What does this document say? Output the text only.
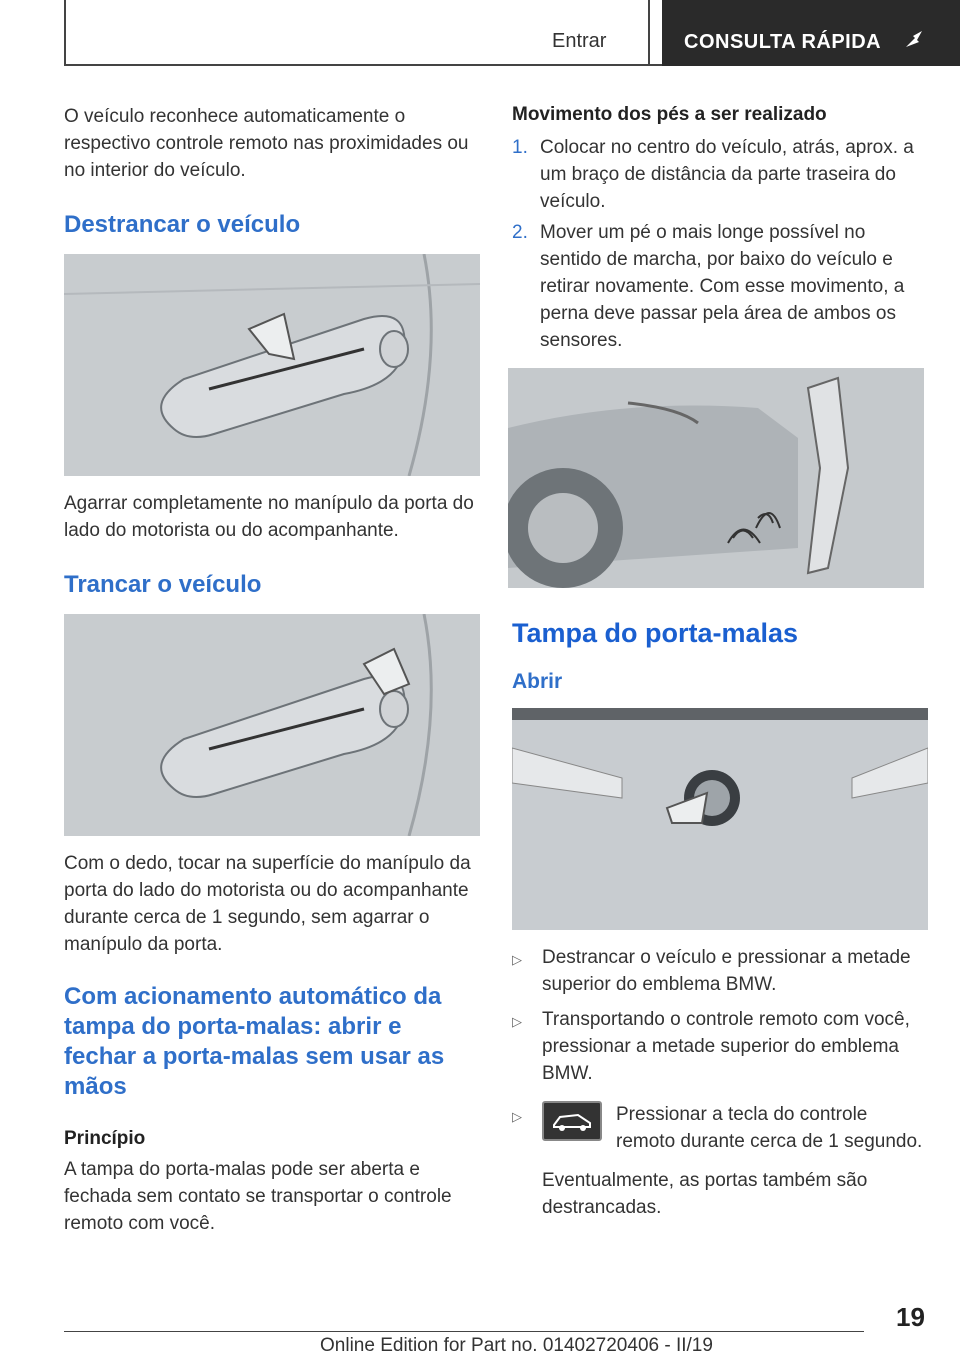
Entrar	CONSULTA RÁPIDA

O veículo reconhece automaticamente o respectivo controle remoto nas proximidades ou no interior do veículo.

Destrancar o veículo

Agarrar completamente no manípulo da porta do lado do motorista ou do acompanhante.

Trancar o veículo

Com o dedo, tocar na superfície do manípulo da porta do lado do motorista ou do acompanhante durante cerca de 1 segundo, sem agarrar o manípulo da porta.

Com acionamento automático da tampa do porta-malas: abrir e fechar a porta-malas sem usar as mãos
Princípio

A tampa do porta-malas pode ser aberta e fechada sem contato se transportar o controle remoto com você.

Movimento dos pés a ser realizado
1. Colocar no centro do veículo, atrás, aprox. a um braço de distância da parte traseira do veículo.
2. Mover um pé o mais longe possível no sentido de marcha, por baixo do veículo e retirar novamente. Com esse movimento, a perna deve passar pela área de ambos os sensores.
Tampa do porta-malas
Abrir
▷	Destrancar o veículo e pressionar a metade superior do emblema BMW.
▷	Transportando o controle remoto com você, pressionar a metade superior do emblema BMW.
▷	Pressionar a tecla do controle remoto durante cerca de 1 segundo.

Eventualmente, as portas também são destrancadas.

19
Online Edition for Part no. 01402720406 - II/19
